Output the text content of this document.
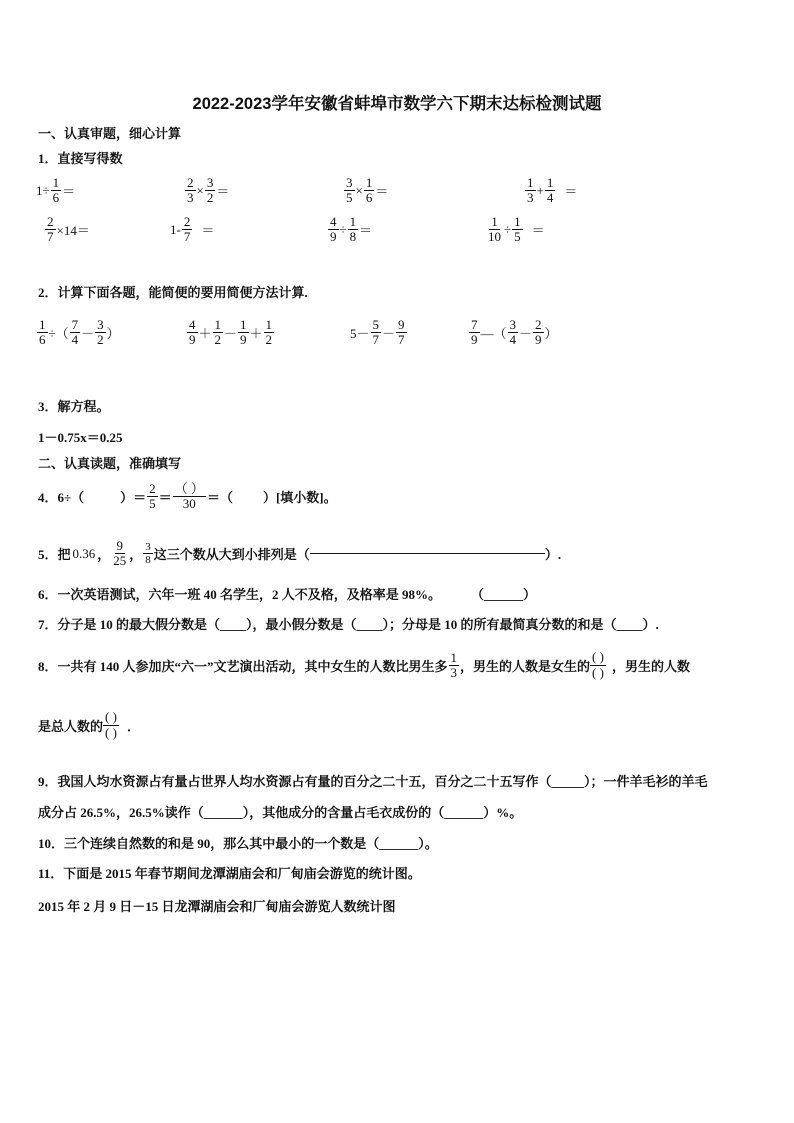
2022-2023学年安徽省蚌埠市数学六下期末达标检测试题
一、认真审题，细心计算
1．直接写得数
$1 \div \frac{1}{6}$ ＝	$\frac{2}{3} \times \frac{3}{2}$ ＝	$\frac{3}{5} \times \frac{1}{6}$ ＝	$\frac{1}{3} + \frac{1}{4}$ ＝
$\frac{2}{7} \times 14=$	$1- \frac{2}{7}$ ＝	$\frac{4}{9} \div \frac{1}{8}$ ＝	$\frac{1}{10} \div \frac{1}{5}$ ＝
2．计算下面各题，能简便的要用简便方法计算.
$\frac{1}{6}$ ÷（ $\frac{7}{4} - \frac{3}{2}$ ）	$\frac{4}{9} + \frac{1}{2} - \frac{1}{9} + \frac{1}{2}$	$5- \frac{5}{7} - \frac{9}{7}$	$\frac{7}{9}$ —（ $\frac{3}{4} - \frac{2}{9}$ ）
3．解方程。
1－0.75x＝0.25
二、认真读题，准确填写
4．6÷（	）＝ $\frac{2}{5} = \frac{( )}{30}$ ＝（ ）[填小数]。
5．把 0.36 ， $\frac{9}{25}$ ， $\frac{3}{8}$ 这三个数从大到小排列是（	）.
6．一次英语测试，六年一班 40 名学生，2 人不及格，及格率是 98%。 （______）
7．分子是 10 的最大假分数是（____），最小假分数是（____）；分母是 10 的所有最简真分数的和是（____）.
8．一共有 140 人参加庆“六一”文艺演出活动，其中女生的人数比男生多 $\frac{1}{3}$ ，男生的人数是女生的 $\frac{( )}{( )}$ ，男生的人数
是总人数的 $\frac{( )}{( )}$ ．
9．我国人均水资源占有量占世界人均水资源占有量的百分之二十五，百分之二十五写作（_____）；一件羊毛衫的羊毛
成分占 26.5%，26.5%读作（______），其他成分的含量占毛衣成份的（______）%。
10．三个连续自然数的和是 90，那么其中最小的一个数是（______）。
11．下面是 2015 年春节期间龙潭湖庙会和厂甸庙会游览的统计图。
2015 年 2 月 9 日－15 日龙潭湖庙会和厂甸庙会游览人数统计图
